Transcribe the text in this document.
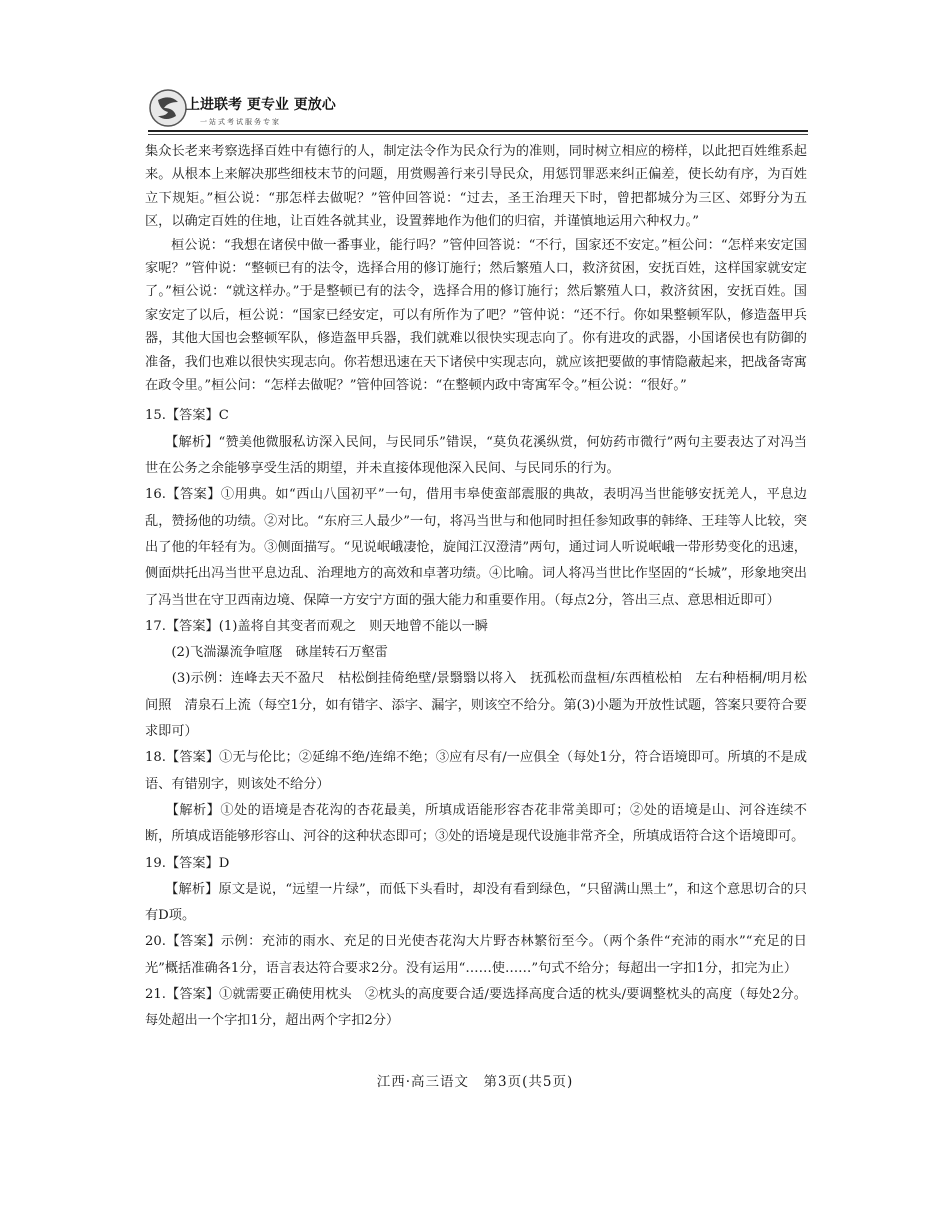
上进联考 更专业 更放心
一站式考试服务专家

集众长老来考察选择百姓中有德行的人，制定法令作为民众行为的准则，同时树立相应的榜样，以此把百姓维系起来。从根本上来解决那些细枝末节的问题，用赏赐善行来引导民众，用惩罚罪恶来纠正偏差，使长幼有序，为百姓立下规矩。”桓公说：“那怎样去做呢？”管仲回答说：“过去，圣王治理天下时，曾把都城分为三区、郊野分为五区，以确定百姓的住地，让百姓各就其业，设置葬地作为他们的归宿，并谨慎地运用六种权力。”

桓公说：“我想在诸侯中做一番事业，能行吗？”管仲回答说：“不行，国家还不安定。”桓公问：“怎样来安定国家呢？”管仲说：“整顿已有的法令，选择合用的修订施行；然后繁殖人口，救济贫困，安抚百姓，这样国家就安定了。”桓公说：“就这样办。”于是整顿已有的法令，选择合用的修订施行；然后繁殖人口，救济贫困，安抚百姓。国家安定了以后，桓公说：“国家已经安定，可以有所作为了吧？”管仲说：“还不行。你如果整顿军队，修造盔甲兵器，其他大国也会整顿军队，修造盔甲兵器，我们就难以很快实现志向了。你有进攻的武器，小国诸侯也有防御的准备，我们也难以很快实现志向。你若想迅速在天下诸侯中实现志向，就应该把要做的事情隐蔽起来，把战备寄寓在政令里。”桓公问：“怎样去做呢？”管仲回答说：“在整顿内政中寄寓军令。”桓公说：“很好。”

15.【答案】C

　　【解析】“赞美他微服私访深入民间，与民同乐”错误，“莫负花溪纵赏，何妨药市微行”两句主要表达了对冯当世在公务之余能够享受生活的期望，并未直接体现他深入民间、与民同乐的行为。

16.【答案】①用典。如“西山八国初平”一句，借用韦皋使蛮部震服的典故，表明冯当世能够安抚羌人，平息边乱，赞扬他的功绩。②对比。“东府三人最少”一句，将冯当世与和他同时担任参知政事的韩绛、王珪等人比较，突出了他的年轻有为。③侧面描写。“见说岷峨凄怆，旋闻江汉澄清”两句，通过词人听说岷峨一带形势变化的迅速，侧面烘托出冯当世平息边乱、治理地方的高效和卓著功绩。④比喻。词人将冯当世比作坚固的“长城”，形象地突出了冯当世在守卫西南边境、保障一方安宁方面的强大能力和重要作用。（每点2分，答出三点、意思相近即可）

17.【答案】(1)盖将自其变者而观之　则天地曾不能以一瞬

　　(2)飞湍瀑流争喧豗　砯崖转石万壑雷

　　(3)示例：连峰去天不盈尺　枯松倒挂倚绝壁/景翳翳以将入　抚孤松而盘桓/东西植松柏　左右种梧桐/明月松间照　清泉石上流（每空1分，如有错字、添字、漏字，则该空不给分。第(3)小题为开放性试题，答案只要符合要求即可）

18.【答案】①无与伦比；②延绵不绝/连绵不绝；③应有尽有/一应俱全（每处1分，符合语境即可。所填的不是成语、有错别字，则该处不给分）

　　【解析】①处的语境是杏花沟的杏花最美，所填成语能形容杏花非常美即可；②处的语境是山、河谷连续不断，所填成语能够形容山、河谷的这种状态即可；③处的语境是现代设施非常齐全，所填成语符合这个语境即可。

19.【答案】D

　　【解析】原文是说，“远望一片绿”，而低下头看时，却没有看到绿色，“只留满山黑土”，和这个意思切合的只有D项。

20.【答案】示例：充沛的雨水、充足的日光使杏花沟大片野杏林繁衍至今。（两个条件“充沛的雨水”“充足的日光”概括准确各1分，语言表达符合要求2分。没有运用“……使……”句式不给分；每超出一字扣1分，扣完为止）

21.【答案】①就需要正确使用枕头　②枕头的高度要合适/要选择高度合适的枕头/要调整枕头的高度（每处2分。每处超出一个字扣1分，超出两个字扣2分）

江西·高三语文　第3页(共5页)
